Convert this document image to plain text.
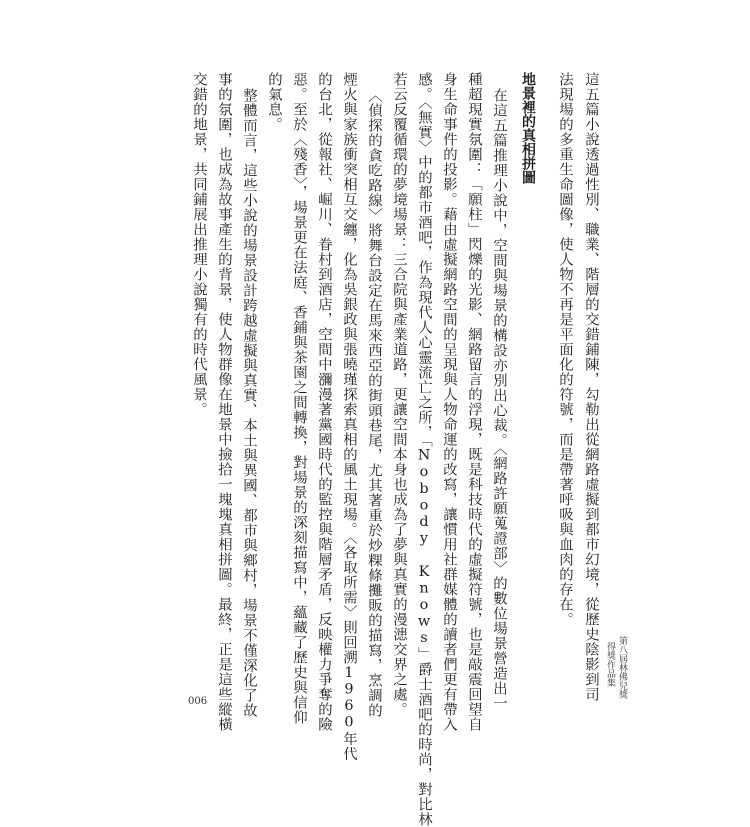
這五篇小說透過性別、職業、階層的交錯鋪陳，勾勒出從網路虛擬到都市幻境，從歷史陰影到司
法現場的多重生命圖像，使人物不再是平面化的符號，而是帶著呼吸與血肉的存在。
地景裡的真相拼圖
在這五篇推理小說中，空間與場景的構設亦別出心裁。〈網路許願蒐證部〉的數位場景營造出一
種超現實氛圍：「願柱」閃爍的光影、網路留言的浮現，既是科技時代的虛擬符號，也是敲震回望自
身生命事件的投影。藉由虛擬網路空間的呈現與人物命運的改寫，讓慣用社群媒體的讀者們更有帶入
感。〈無實〉中的都市酒吧，作為現代人心靈流亡之所，「Nobody Knows」爵士酒吧的時尚，對比林
若云反覆循環的夢境場景：三合院與產業道路，更讓空間本身也成為了夢與真實的漫漶交界之處。
〈偵探的貪吃路線〉將舞台設定在馬來西亞的街頭巷尾，尤其著重於炒粿條攤販的描寫，烹調的
煙火與家族衝突相互交纏，化為吳銀政與張曉瑾探索真相的風土現場。〈各取所需〉則回溯1960年代
的台北，從報社、崛川、眷村到酒店，空間中瀰漫著黨國時代的監控與階層矛盾，反映權力爭奪的險
惡。至於〈殘香〉，場景更在法庭、香鋪與茶園之間轉換，對場景的深刻描寫中，蘊藏了歷史與信仰
的氣息。
整體而言，這些小說的場景設計跨越虛擬與真實、本土與異國、都市與鄉村，場景不僅深化了故
事的氛圍，也成為故事產生的背景，使人物群像在地景中撿拾一塊塊真相拼圖。最終，正是這些縱橫
交錯的地景，共同鋪展出推理小說獨有的時代風景。
第八屆林佛兒獎
得獎作品集
006
